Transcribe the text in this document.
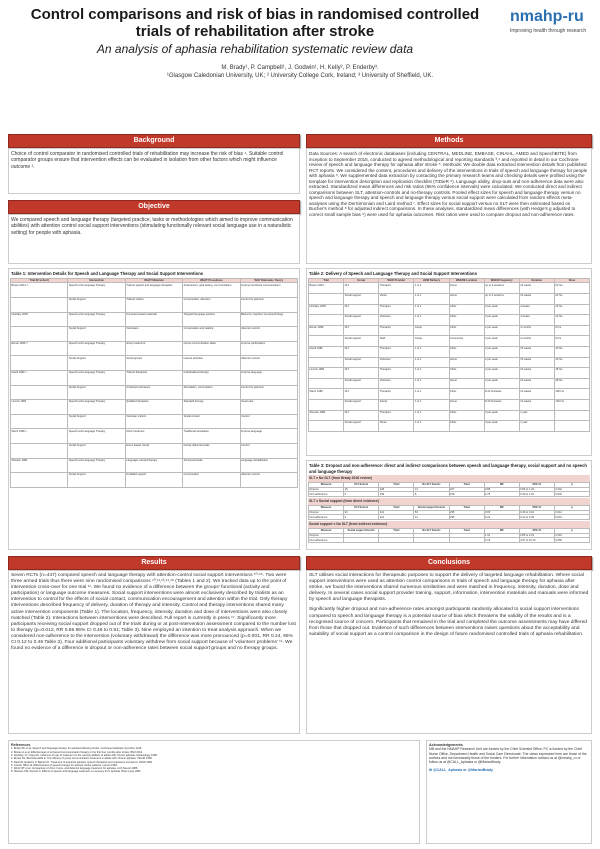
Control comparisons and risk of bias in randomised controlled trials of rehabilitation after stroke
An analysis of aphasia rehabilitation systematic review data
nmahp-ru
Improving health through research
M. Brady¹, P. Campbell¹, J. Godwin¹, H. Kelly², P. Enderby³.
¹Glasgow Caledonian University, UK; ² University College Cork, Ireland; ³ University of Sheffield, UK.
Background
Choice of control comparator in randomised controlled trials of rehabilitation may increase the risk of bias ¹. Suitable control comparator groups ensure that intervention effects can be evaluated in isolation from other factors which might influence outcome ².
Objective
We compared speech and language therapy (targeted practice, tasks or methodologies which aimed to improve communication abilities) with attention control social support interventions (stimulating functionally relevant social language use in a naturalistic setting) for people with aphasia.
Methods
Data Sources: A search of electronic databases (including CENTRAL, MEDLINE, EMBASE, CINAHL, AMED and SpeechBITE) from inception to September 2015, conducted to agreed methodological and reporting standards ³,⁴ and reported in detail in our Cochrane review of speech and language therapy for aphasia after stroke ⁵. Methods: We double data extracted intervention details from published RCT reports. We considered the content, procedures and delivery of the interventions in trials of speech and language therapy for people with aphasia ⁵. We supplemented data extraction by contacting the primary research teams and checking details were profiled using the template for intervention description and replication checklist (TIDieR ⁶). Language ability, drop-outs and non-adherence data were also extracted. Standardized mean differences and risk ratios (95% confidence intervals) were calculated. We conducted direct and indirect comparisons between SLT, attention-controls and no-therapy controls. Pooled effect sizes for speech and language therapy versus no speech and language therapy and speech and language therapy versus social support were calculated from random effects meta-analyses using the DerSimonian and Laird method ⁷. Effect sizes for social support versus no SLT were then estimated based on Bucher's method ⁸ for adjusted indirect comparisons. In these analyses, standardized mean differences (with Hedge's g adjusted to correct small sample bias ⁹) were used for aphasia outcomes. Risk ratios were used to compare dropout and non-adherence rates.
Table 1: Intervention Details for Speech and Language Therapy and Social Support Interventions
Trial (N=cohort)	Intervention	WHAT Materials	WHAT Procedures	WHY Rationale / theory
Bowen 2012 ¹⁰	Speech and Language Therapy	Trained speech and language therapists	Assessment, goal setting, communication	Improve functional communication
	Social Support	Trained visitors	Conversation, attention	Control for attention
Hinckley 2005	Speech and Language Therapy	Computer-based materials	Targeted language practice	Based on cognitive neuropsychology
	Social Support	Volunteers	Conversation and reading	Attention control
Elman 1999 ¹³	Speech and Language Therapy	Group treatment	Group communication tasks	Improve participation
	Social Support	Social groups	Leisure activities	Attention control
David 1982 ¹¹	Speech and Language Therapy	Trained therapists	Individualised therapy	Improve language
	Social Support	Untrained volunteers	Stimulation, conversation	Control for attention
Lincoln 1984	Speech and Language Therapy	Qualified therapists	Standard therapy	Usual care
	Social Support	Volunteer visitors	Social contact	Control
Wertz 1986 ¹⁶	Speech and Language Therapy	Clinic treatment	Traditional stimulation	Improve language
	Social Support	Home based, family	Family-delivered tasks	Control
Shewan 1984	Speech and Language Therapy	Language oriented therapy	Structured tasks	Language rehabilitation
	Social Support	Unskilled support	Conversation	Attention control
Table 2: Delivery of Speech and Language Therapy and Social Support Interventions
Trial	Group	WHO Provider	HOW Delivery	WHERE Location	WHEN Frequency	Duration	Dose
Bowen 2012	SLT	Therapist	1 to 1	Home	up to 3 sessions	16 weeks	22 hrs
	Social support	Visitor	1 to 1	Home	up to 3 sessions	16 weeks	22 hrs
Hinckley 2005	SLT	Therapist	1 to 1	Clinic	3 per week	4 weeks	12 hrs
	Social support	Volunteer	1 to 1	Clinic	3 per week	4 weeks	12 hrs
Elman 1999	SLT	Therapist	Group	Clinic	2 per week	4 months	5 hrs
	Social support	Staff	Group	Community	2 per week	4 months	5 hrs
David 1982	SLT	Therapist	1 to 1	Clinic	2 per week	15 weeks	30 hrs
	Social support	Volunteer	1 to 1	Home	2 per week	15 weeks	30 hrs
Lincoln 1984	SLT	Therapist	1 to 1	Clinic	2 per week	24 weeks	48 hrs
	Social support	Volunteer	1 to 1	Home	2 per week	24 weeks	48 hrs
Wertz 1986	SLT	Therapist	1 to 1	Clinic	8-10 hrs/week	12 weeks	100 hrs
	Social support	Family	1 to 1	Home	8-10 hrs/week	12 weeks	100 hrs
Shewan 1984	SLT	Therapist	1 to 1	Clinic	3 per week	1 year	-
	Social support	Nurse	1 to 1	Clinic	3 per week	1 year	-
Table 3: Dropout and non-adherence: direct and indirect comparisons between speech and language therapy, social support and no speech and language therapy
SLT v No SLT (from Brady 2016 review)
Measure	SLT Events	Total	No SLT Events	Total	RR	95% CI	p
Dropout	15	228	14	227	0.85	0.86 to 1.33	0.342
Non-adherence	6	159	8	159	0.75	0.30 to 1.91	0.540
SLT v Social support (from direct evidence)
Measure	SLT Events	Total	Social support Events	Total	RR	95% CI	p
Dropout	33	212	53	235	0.65	0.46 to 0.91	0.012
Non-adherence	6	212	31	235	0.24	0.12 to 0.46	0.001
Social support v No SLT (from indirect evidence)
Measure	Social support Events	Total	No SLT Events	Total	RR	95% CI	p
Dropout					1.31	0.85 to 2.01	0.219
Non-adherence					3.13	0.97 to 10.15	0.056
Results
Seven RCTs (n=447) compared speech and language therapy with attention-control social support interventions ¹⁰-¹⁶. Two were three armed trials thus there were nine randomised comparisons ¹⁰‚¹¹‚¹³‚¹⁴‚¹⁶ (Tables 1 and 2). We tracked data up to the point of intervention cross-over for one trial ¹¹. We found no evidence of a difference between the groups' functional (activity and participation) or language outcome measures. Social support interventions were almost exclusively described by trialists as an intervention to control for the effects of social contact, communication encouragement and attention within the trial. Only therapy interventions described frequency of delivery, duration of therapy and intensity. Control and therapy interventions shared many active intervention components (Table 1). The location, frequency, intensity, duration and dose of interventions were also closely matched (Table 2). Interactions between interventions were described. Full report is currently in press ¹⁷. Significantly more participants receiving social support dropped out of the trials during or at post-intervention assessment compared to the number lost to therapy (p=0.012, RR 0.65 95% CI 0.46 to 0.91; Table 3). Nine employed an intention to treat analysis approach. When we considered non-adherence to the intervention (voluntary withdrawal) the difference was more pronounced (p=0.001, RR 0.24, 95% CI 0.12 to 0.46 Table 3). Four additional participants voluntary withdrew from social support because of 'volunteer problems' ¹¹. We found no evidence of a difference in dropout or non-adherence rates between social support groups and no therapy groups.
Conclusions
SLT utilises social interactions for therapeutic purposes to support the delivery of targeted language rehabilitation. Where social support interventions were used as attention control comparisons in trials of speech and language therapy for aphasia after stroke, we found the interventions shared numerous similarities and were matched in frequency, intensity, duration, dose and delivery. In several cases social support provider training, support, information, intervention materials and manuals were informed by speech and language therapists.
Significantly higher dropout and non-adherence rates amongst participants randomly allocated to social support interventions compared to speech and language therapy is a potential source of bias which threatens the validity of the results and is a recognised source of concern. Participants that remained in the trial and completed the outcome assessments may have differed from those that dropped out. Evidence of such differences between interventions raises questions about the acceptability and suitability of social support as a control comparison in the design of future randomised controlled trials of aphasia rehabilitation.
References
1. Brady MC et al. Speech and language therapy for aphasia following stroke. Cochrane Database Syst Rev 2016.
2. Bowen A et al. Effectiveness of enhanced communication therapy in the first four months after stroke. BMJ 2012.
3. Hinckley JJ, Craig HK. Influence of rate of treatment on the naming abilities of adults with chronic aphasia. Aphasiology 1998.
4. Elman RJ, Bernstein-Ellis E. The efficacy of group communication treatment in adults with chronic aphasia. JSLHR 1999.
5. David R, Enderby P, Bainton D. Treatment of acquired aphasia: speech therapists and volunteers compared. JNNP 1982.
6. Lincoln NB et al. Effectiveness of speech therapy for aphasic stroke patients. Lancet 1984.
7. Wertz RT et al. Comparison of clinic, home, and deferred language treatment for aphasia. Arch Neurol 1986.
8. Shewan CM, Kertesz A. Effects of speech and language treatment on recovery from aphasia. Brain Lang 1984.
Acknowledgements
MB and the NMAHP Research Unit are funded by the Chief Scientist Office; PC is funded by the Chief Nurse Office, Department Health and Social Care Directorate. The views expressed here are those of the authors and not necessarily those of the funders. For further information contact us at @nmahp_ru or follow us at @CALL_Aphasia or @MarianBrady
✉ @CALL_Aphasia or @MarianBrady
